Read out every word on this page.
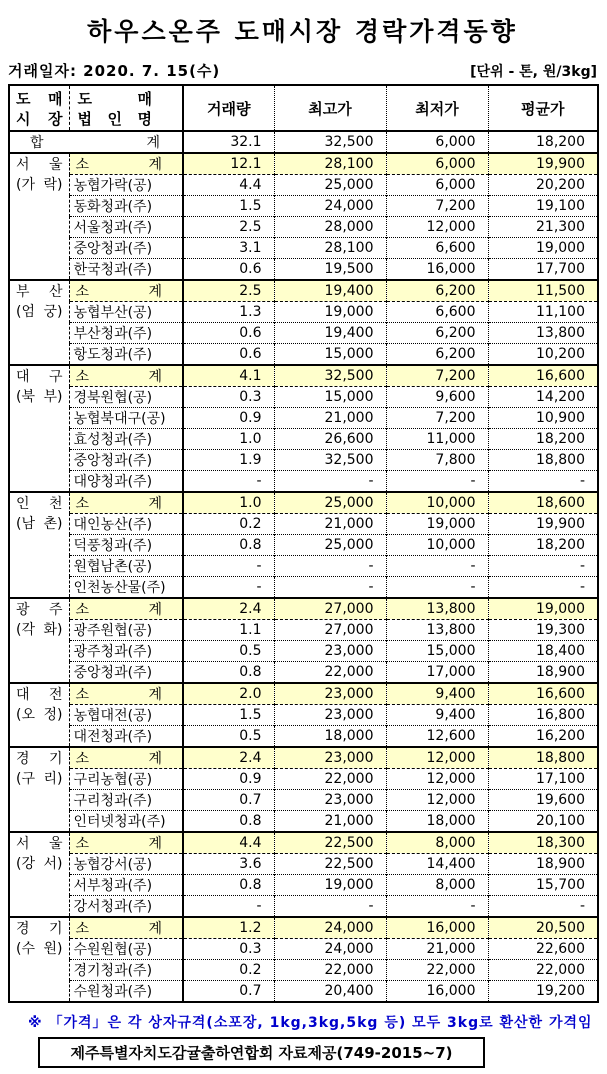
하우스온주 도매시장 경락가격동향
거래일자: 2020. 7. 15(수)	[단위 - 톤, 원/3kg]
도 매
시 장

도	매
법 인 명

거래량	최고가	최저가	평균가

합 계		32.1	32,500	6,000	18,200

서 울
(가 락)

소	계	12.1	28,100	6,000	19,900
	농협가락(공)	4.4	25,000	6,000	20,200
	동화청과(주)	1.5	24,000	7,200	19,100
	서울청과(주)	2.5	28,000	12,000	21,300
	중앙청과(주)	3.1	28,100	6,600	19,000
	한국청과(주)	0.6	19,500	16,000	17,700

부 산
(엄 궁)

소	계	2.5	19,400	6,200	11,500
	농협부산(공)	1.3	19,000	6,600	11,100
	부산청과(주)	0.6	19,400	6,200	13,800
	항도청과(주)	0.6	15,000	6,200	10,200

대 구
(북 부)

소	계	4.1	32,500	7,200	16,600
	경북원협(공)	0.3	15,000	9,600	14,200
	농협북대구(공)	0.9	21,000	7,200	10,900
	효성청과(주)	1.0	26,600	11,000	18,200
	중앙청과(주)	1.9	32,500	7,800	18,800
	대양청과(주)	-	-	-	-

인 천
(남 촌)

소	계	1.0	25,000	10,000	18,600
	대인농산(주)	0.2	21,000	19,000	19,900
	덕풍청과(주)	0.8	25,000	10,000	18,200
	원협남촌(공)	-	-	-	-
	인천농산물(주)	-	-	-	-

광 주
(각 화)

소	계	2.4	27,000	13,800	19,000
	광주원협(공)	1.1	27,000	13,800	19,300
	광주청과(주)	0.5	23,000	15,000	18,400
	중앙청과(주)	0.8	22,000	17,000	18,900

대 전
(오 정)

소	계	2.0	23,000	9,400	16,600
	농협대전(공)	1.5	23,000	9,400	16,800
	대전청과(주)	0.5	18,000	12,600	16,200

경 기
(구 리)

소	계	2.4	23,000	12,000	18,800
	구리농협(공)	0.9	22,000	12,000	17,100
	구리청과(주)	0.7	23,000	12,000	19,600
	인터넷청과(주)	0.8	21,000	18,000	20,100

서 울
(강 서)

소	계	4.4	22,500	8,000	18,300
	농협강서(공)	3.6	22,500	14,400	18,900
	서부청과(주)	0.8	19,000	8,000	15,700
	강서청과(주)	-	-	-	-

경 기
(수 원)

소	계	1.2	24,000	16,000	20,500
	수원원협(공)	0.3	24,000	21,000	22,600
	경기청과(주)	0.2	22,000	22,000	22,000
	수원청과(주)	0.7	20,400	16,000	19,200
※ 「가격」은 각 상자규격(소포장, 1kg,3kg,5kg 등) 모두 3kg로 환산한 가격임
제주특별자치도감귤출하연합회 자료제공(749-2015~7)
